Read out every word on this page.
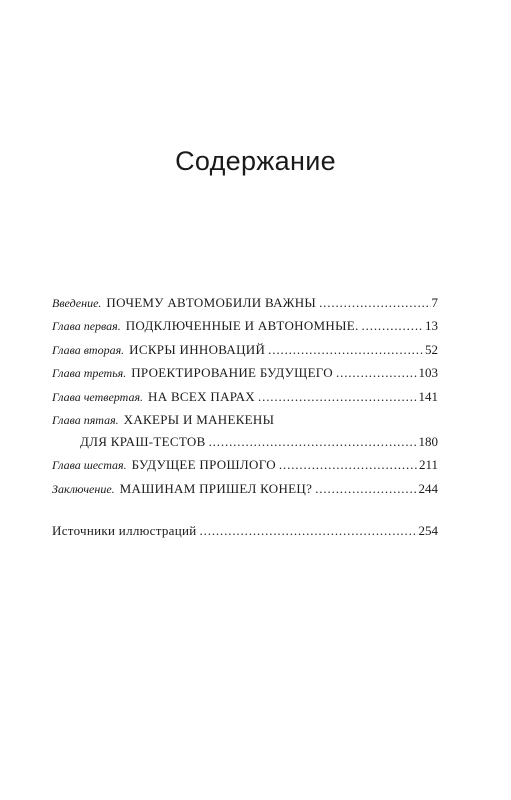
Содержание
Введение. ПОЧЕМУ АВТОМОБИЛИ ВАЖНЫ . . .	7
Глава первая. ПОДКЛЮЧЕННЫЕ И АВТОНОМНЫЕ. . . .	13
Глава вторая. ИСКРЫ ИННОВАЦИЙ . . .	52
Глава третья. ПРОЕКТИРОВАНИЕ БУДУЩЕГО . . .	103
Глава четвертая. НА ВСЕХ ПАРАХ . . .	141
Глава пятая. ХАКЕРЫ И МАНЕКЕНЫ
ДЛЯ КРАШ-ТЕСТОВ . . .	180
Глава шестая. БУДУЩЕЕ ПРОШЛОГО . . .	211
Заключение. МАШИНАМ ПРИШЕЛ КОНЕЦ? . . .	244
Источники иллюстраций . . .	254
